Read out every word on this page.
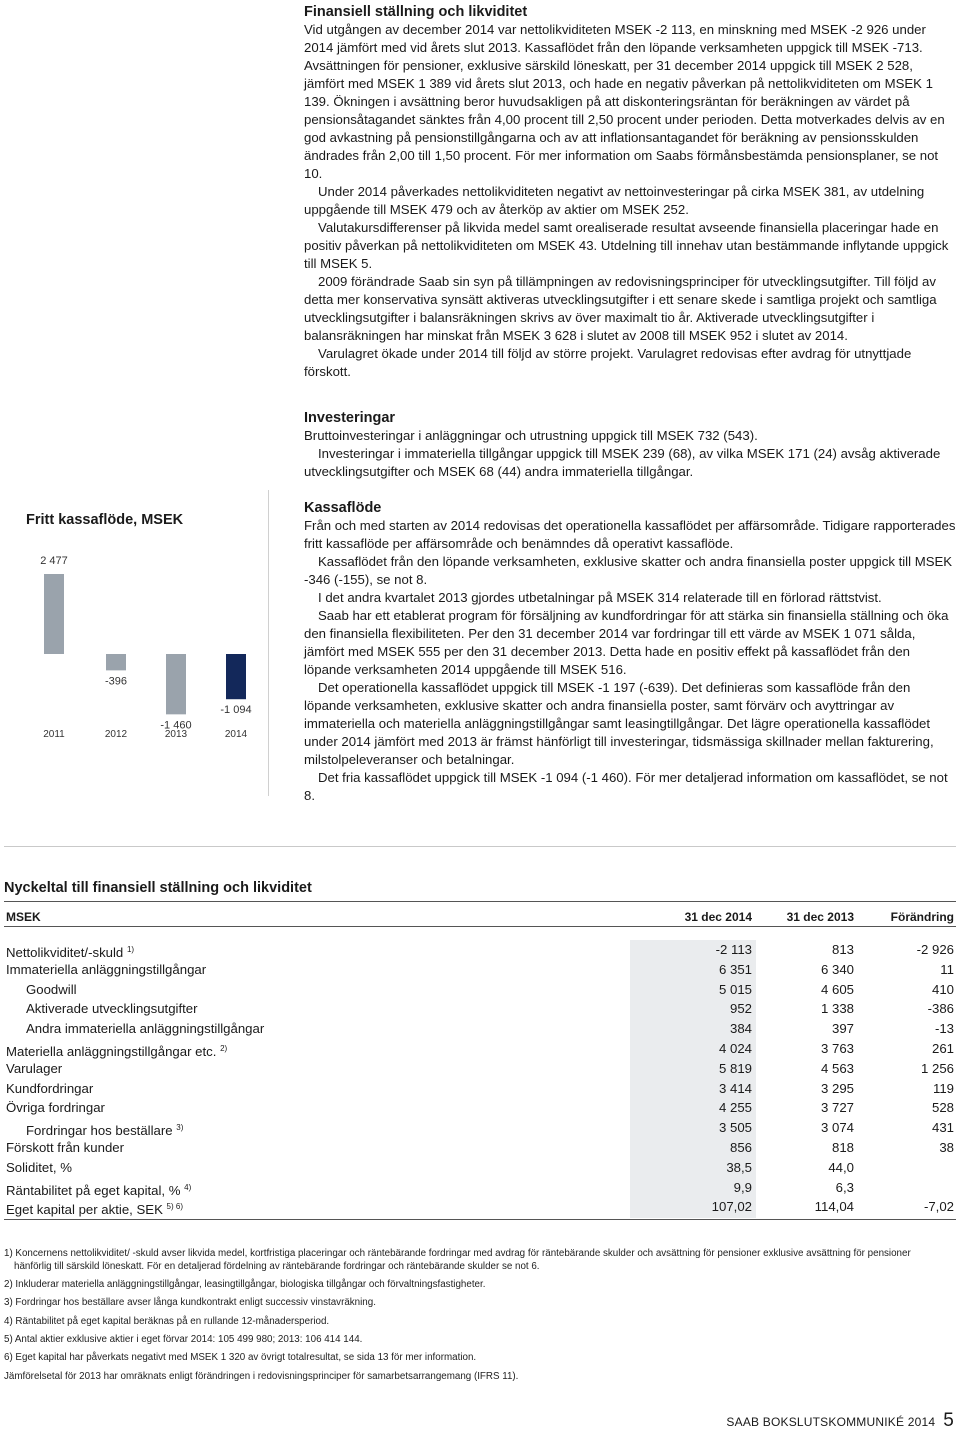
Finansiell ställning och likviditet

Vid utgången av december 2014 var nettolikviditeten MSEK -2 113, en minskning med MSEK -2 926 under 2014 jämfört med vid årets slut 2013. Kassaflödet från den löpande verksamheten uppgick till MSEK -713. Avsättningen för pensioner, exklusive särskild löneskatt, per 31 december 2014 uppgick till MSEK 2 528, jämfört med MSEK 1 389 vid årets slut 2013, och hade en negativ påverkan på nettolikviditeten om MSEK 1 139. Ökningen i avsättning beror huvudsakligen på att diskonteringsräntan för beräkningen av värdet på pensionsåtagandet sänktes från 4,00 procent till 2,50 procent under perioden. Detta motverkades delvis av en god avkastning på pensionstillgångarna och av att inflationsantagandet för beräkning av pensionsskulden ändrades från 2,00 till 1,50 procent. För mer information om Saabs förmånsbestämda pensionsplaner, se not 10.

Under 2014 påverkades nettolikviditeten negativt av nettoinvesteringar på cirka MSEK 381, av utdelning uppgående till MSEK 479 och av återköp av aktier om MSEK 252.

Valutakursdifferenser på likvida medel samt orealiserade resultat avseende finansiella placeringar hade en positiv påverkan på nettolikviditeten om MSEK 43. Utdelning till innehav utan bestämmande inflytande uppgick till MSEK 5.

2009 förändrade Saab sin syn på tillämpningen av redovisningsprinciper för utvecklingsutgifter. Till följd av detta mer konservativa synsätt aktiveras utvecklingsutgifter i ett senare skede i samtliga projekt och samtliga utvecklingsutgifter i balansräkningen skrivs av över maximalt tio år. Aktiverade utvecklingsutgifter i balansräkningen har minskat från MSEK 3 628 i slutet av 2008 till MSEK 952 i slutet av 2014.

Varulagret ökade under 2014 till följd av större projekt. Varulagret redovisas efter avdrag för utnyttjade förskott.

Investeringar

Bruttoinvesteringar i anläggningar och utrustning uppgick till MSEK 732 (543).

Investeringar i immateriella tillgångar uppgick till MSEK 239 (68), av vilka MSEK 171 (24) avsåg aktiverade utvecklingsutgifter och MSEK 68 (44) andra immateriella tillgångar.

Kassaflöde

Från och med starten av 2014 redovisas det operationella kassaflödet per affärsområde. Tidigare rapporterades fritt kassaflöde per affärsområde och benämndes då operativt kassaflöde.

Kassaflödet från den löpande verksamheten, exklusive skatter och andra finansiella poster uppgick till MSEK -346 (-155), se not 8.

I det andra kvartalet 2013 gjordes utbetalningar på MSEK 314 relaterade till en förlorad rättstvist.

Saab har ett etablerat program för försäljning av kundfordringar för att stärka sin finansiella ställning och öka den finansiella flexibiliteten. Per den 31 december 2014 var fordringar till ett värde av MSEK 1 071 sålda, jämfört med MSEK 555 per den 31 december 2013. Detta hade en positiv effekt på kassaflödet från den löpande verksamheten 2014 uppgående till MSEK 516.

Det operationella kassaflödet uppgick till MSEK -1 197 (-639). Det definieras som kassaflöde från den löpande verksamheten, exklusive skatter och andra finansiella poster, samt förvärv och avyttringar av immateriella och materiella anläggningstillgångar samt leasingtillgångar. Det lägre operationella kassaflödet under 2014 jämfört med 2013 är främst hänförligt till investeringar, tidsmässiga skillnader mellan fakturering, milstolpeleveranser och betalningar.

Det fria kassaflödet uppgick till MSEK -1 094 (-1 460). För mer detaljerad information om kassaflödet, se not 8.

Fritt kassaflöde, MSEK
2 477
2011
-396
2012
-1 460
2013
-1 094
2014
Nyckeltal till finansiell ställning och likviditet
MSEK	31 dec 2014	31 dec 2013	Förändring
Nettolikviditet/-skuld $^{1)}$	-2 113	813	-2 926
Immateriella anläggningstillgångar	6 351	6 340	11
Goodwill	5 015	4 605	410
Aktiverade utvecklingsutgifter	952	1 338	-386
Andra immateriella anläggningstillgångar	384	397	-13
Materiella anläggningstillgångar etc. $^{2)}$	4 024	3 763	261
Varulager	5 819	4 563	1 256
Kundfordringar	3 414	3 295	119
Övriga fordringar	4 255	3 727	528
Fordringar hos beställare $^{3)}$	3 505	3 074	431
Förskott från kunder	856	818	38
Soliditet, %	38,5	44,0
Räntabilitet på eget kapital, % $^{4)}$	9,9	6,3
Eget kapital per aktie, SEK $^{5) 6)}$	107,02	114,04	-7,02
1) Koncernens nettolikviditet/ -skuld avser likvida medel, kortfristiga placeringar och räntebärande fordringar med avdrag för räntebärande skulder och avsättning för pensioner exklusive avsättning för pensioner hänförlig till särskild löneskatt. För en detaljerad fördelning av räntebärande fordringar och räntebärande skulder se not 6.
2) Inkluderar materiella anläggningstillgångar, leasingtillgångar, biologiska tillgångar och förvaltningsfastigheter.
3) Fordringar hos beställare avser långa kundkontrakt enligt successiv vinstavräkning.
4) Räntabilitet på eget kapital beräknas på en rullande 12-månadersperiod.
5) Antal aktier exklusive aktier i eget förvar 2014: 105 499 980; 2013: 106 414 144.
6) Eget kapital har påverkats negativt med MSEK 1 320 av övrigt totalresultat, se sida 13 för mer information.
Jämförelsetal för 2013 har omräknats enligt förändringen i redovisningsprinciper för samarbetsarrangemang (IFRS 11).
SAAB BOKSLUTSKOMMUNIKÉ 2014 5
